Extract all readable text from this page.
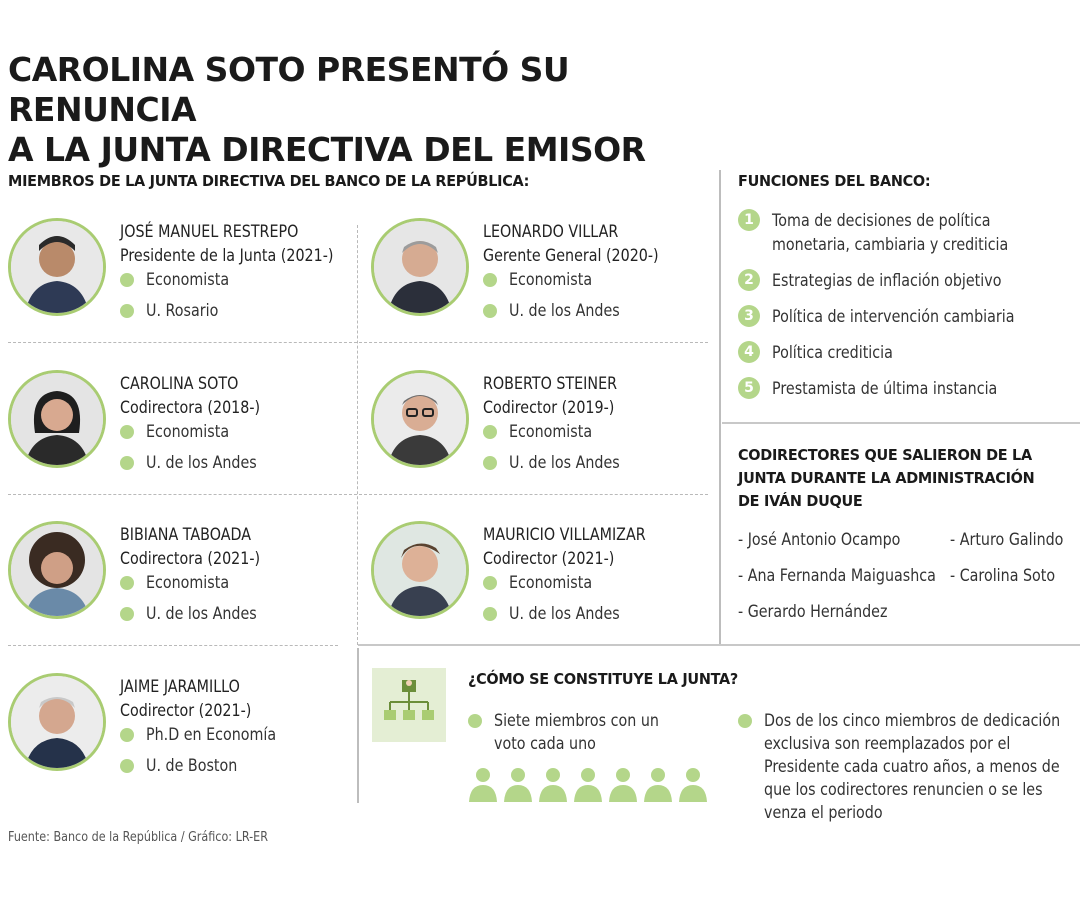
CAROLINA SOTO PRESENTÓ SU RENUNCIA
A LA JUNTA DIRECTIVA DEL EMISOR
MIEMBROS DE LA JUNTA DIRECTIVA DEL BANCO DE LA REPÚBLICA:
JOSÉ MANUEL RESTREPO
Presidente de la Junta (2021-)
Economista
U. Rosario
LEONARDO VILLAR
Gerente General (2020-)
Economista
U. de los Andes
CAROLINA SOTO
Codirectora (2018-)
Economista
U. de los Andes
ROBERTO STEINER
Codirector (2019-)
Economista
U. de los Andes
BIBIANA TABOADA
Codirectora (2021-)
Economista
U. de los Andes
MAURICIO VILLAMIZAR
Codirector (2021-)
Economista
U. de los Andes
JAIME JARAMILLO
Codirector (2021-)
Ph.D en Economía
U. de Boston
FUNCIONES DEL BANCO:
1	Toma de decisiones de política monetaria, cambiaria y crediticia
2	Estrategias de inflación objetivo
3	Política de intervención cambiaria
4	Política crediticia
5	Prestamista de última instancia
CODIRECTORES QUE SALIERON DE LA
JUNTA DURANTE LA ADMINISTRACIÓN
DE IVÁN DUQUE
- José Antonio Ocampo	- Arturo Galindo
- Ana Fernanda Maiguashca - Carolina Soto
- Gerardo Hernández
¿CÓMO SE CONSTITUYE LA JUNTA?
Siete miembros con un voto cada uno
Dos de los cinco miembros de dedicación exclusiva son reemplazados por el Presidente cada cuatro años, a menos de que los codirectores renuncien o se les venza el periodo
Fuente: Banco de la República / Gráfico: LR-ER
